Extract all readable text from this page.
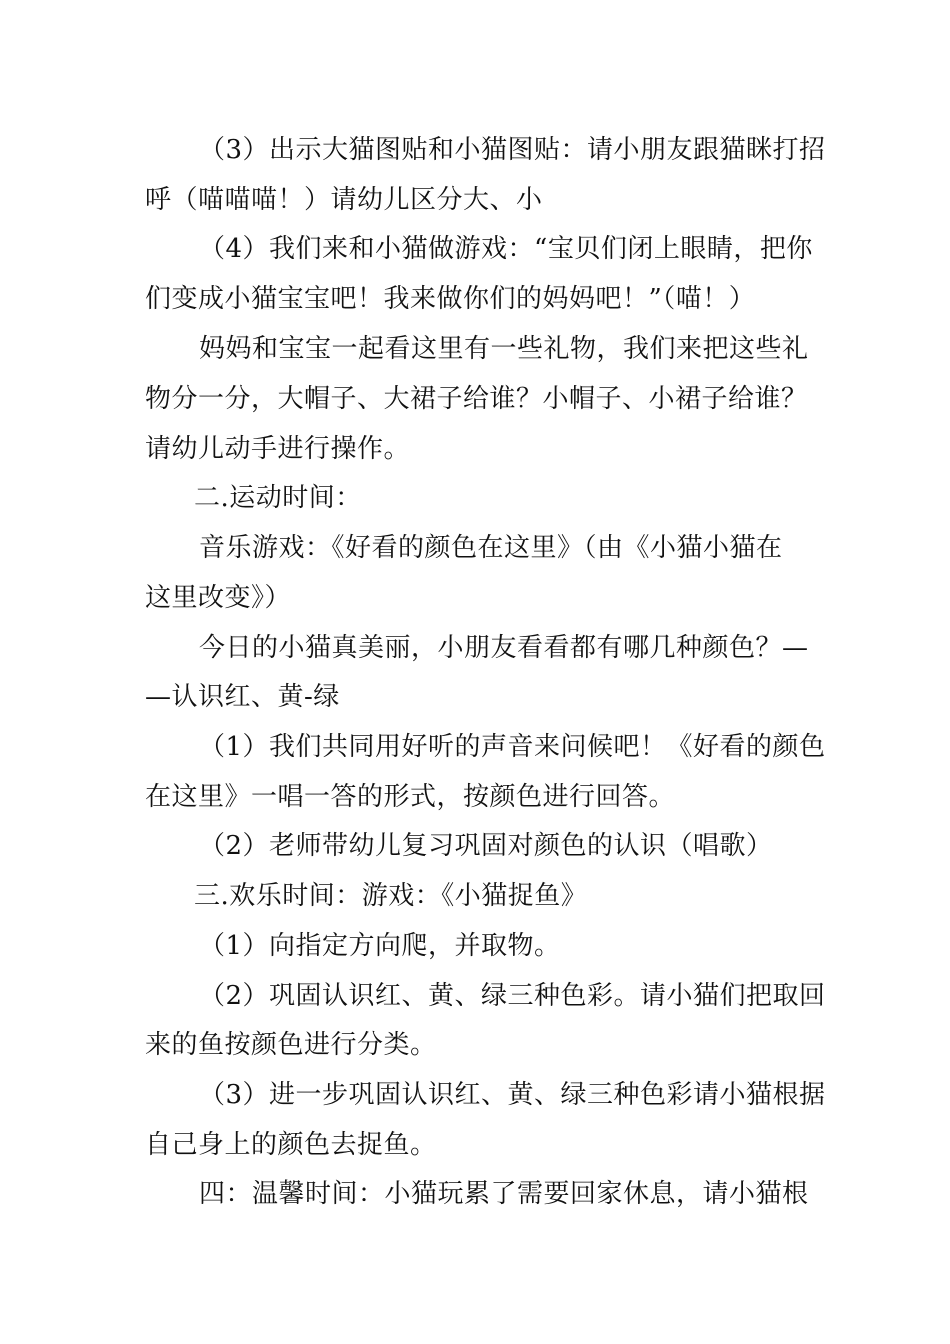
（3）出示大猫图贴和小猫图贴：请小朋友跟猫眯打招
呼（喵喵喵！）请幼儿区分大、小
（4）我们来和小猫做游戏：“宝贝们闭上眼睛，把你
们变成小猫宝宝吧！我来做你们的妈妈吧！”（喵！）
妈妈和宝宝一起看这里有一些礼物，我们来把这些礼
物分一分，大帽子、大裙子给谁？小帽子、小裙子给谁？
请幼儿动手进行操作。
二.运动时间：
音乐游戏：《好看的颜色在这里》（由《小猫小猫在
这里改变》）
今日的小猫真美丽，小朋友看看都有哪几种颜色？—
—认识红、黄-绿
（1）我们共同用好听的声音来问候吧！《好看的颜色
在这里》一唱一答的形式，按颜色进行回答。
（2）老师带幼儿复习巩固对颜色的认识（唱歌）
三.欢乐时间：游戏：《小猫捉鱼》
（1）向指定方向爬，并取物。
（2）巩固认识红、黄、绿三种色彩。请小猫们把取回
来的鱼按颜色进行分类。
（3）进一步巩固认识红、黄、绿三种色彩请小猫根据
自己身上的颜色去捉鱼。
四：温馨时间：小猫玩累了需要回家休息，请小猫根
